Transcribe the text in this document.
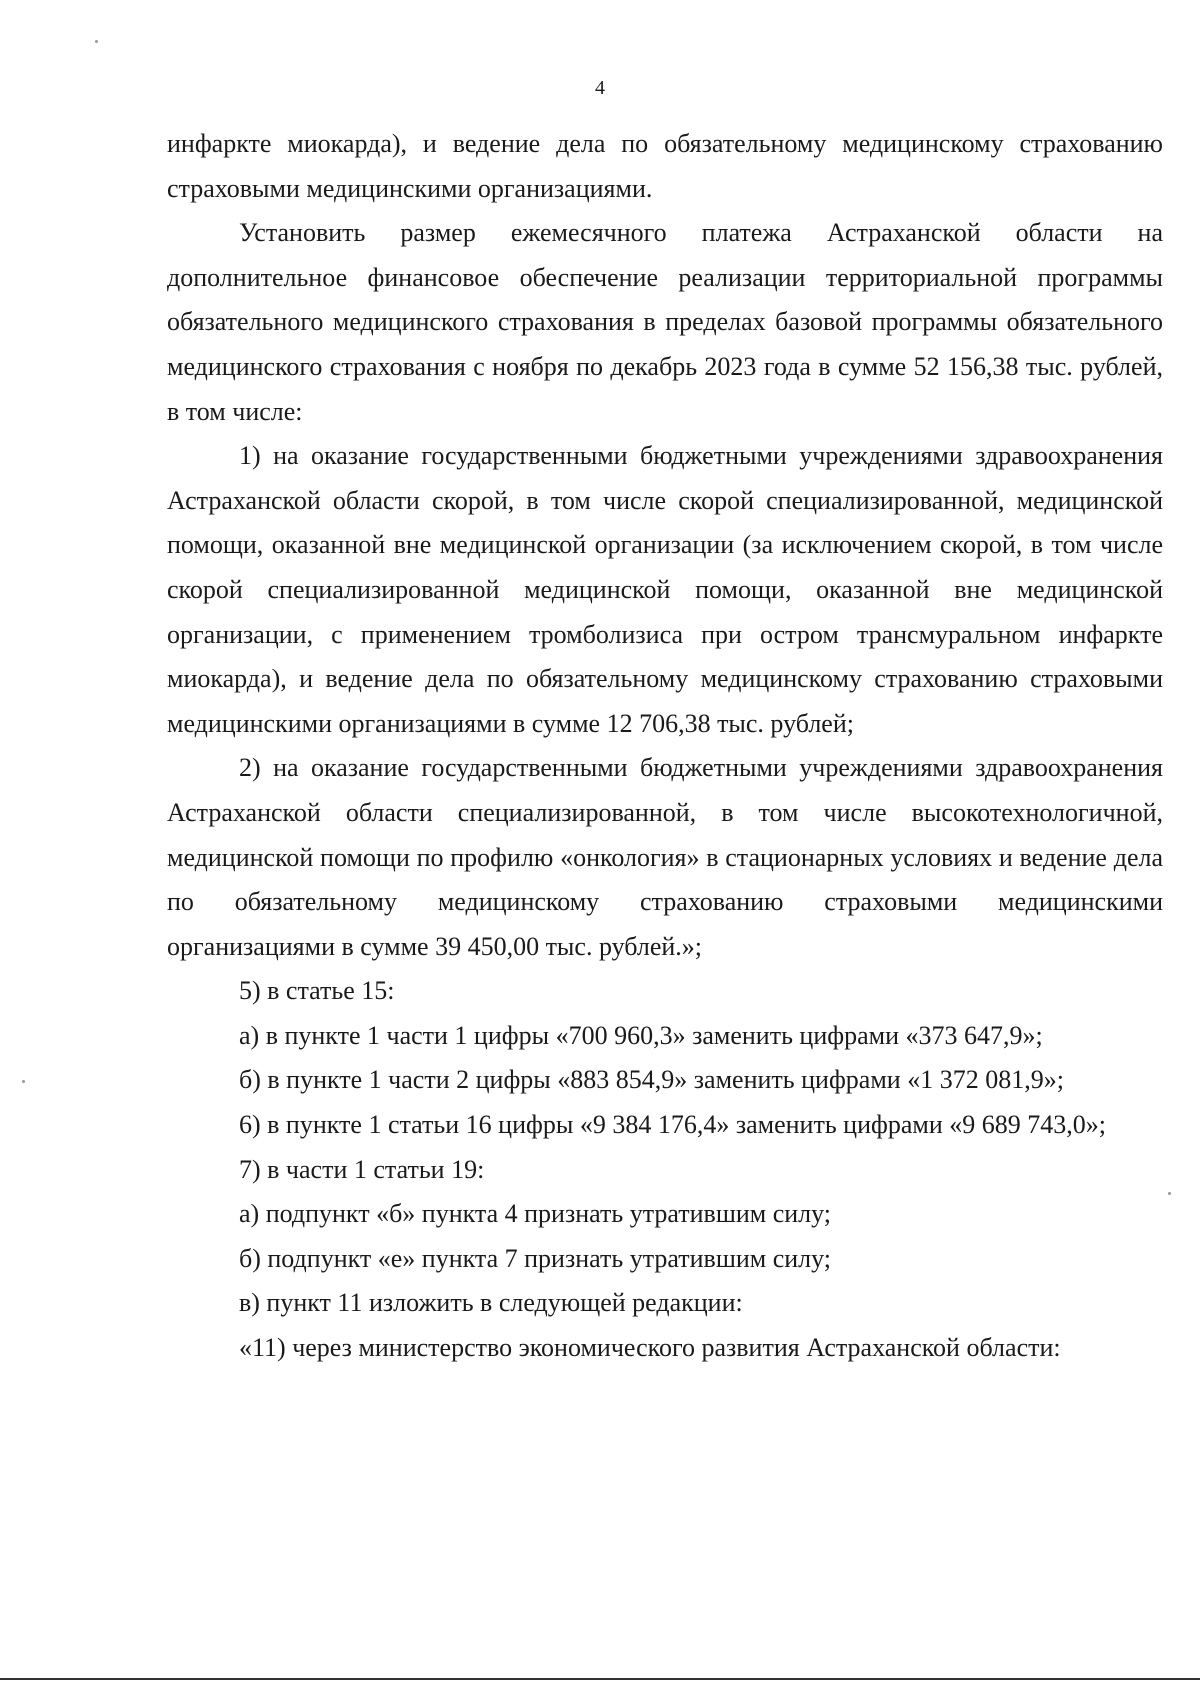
4

инфаркте миокарда), и ведение дела по обязательному медицинскому страхованию страховыми медицинскими организациями.

Установить размер ежемесячного платежа Астраханской области на дополнительное финансовое обеспечение реализации территориальной программы обязательного медицинского страхования в пределах базовой программы обязательного медицинского страхования с ноября по декабрь 2023 года в сумме 52 156,38 тыс. рублей, в том числе:

1) на оказание государственными бюджетными учреждениями здравоохранения Астраханской области скорой, в том числе скорой специализированной, медицинской помощи, оказанной вне медицинской организации (за исключением скорой, в том числе скорой специализированной медицинской помощи, оказанной вне медицинской организации, с применением тромболизиса при остром трансмуральном инфаркте миокарда), и ведение дела по обязательному медицинскому страхованию страховыми медицинскими организациями в сумме 12 706,38 тыс. рублей;

2) на оказание государственными бюджетными учреждениями здравоохранения Астраханской области специализированной, в том числе высокотехнологичной, медицинской помощи по профилю «онкология» в стационарных условиях и ведение дела по обязательному медицинскому страхованию страховыми медицинскими организациями в сумме 39 450,00 тыс. рублей.»;

5) в статье 15:

а) в пункте 1 части 1 цифры «700 960,3» заменить цифрами «373 647,9»;

б) в пункте 1 части 2 цифры «883 854,9» заменить цифрами «1 372 081,9»;

6) в пункте 1 статьи 16 цифры «9 384 176,4» заменить цифрами «9 689 743,0»;

7) в части 1 статьи 19:

а) подпункт «б» пункта 4 признать утратившим силу;

б) подпункт «е» пункта 7 признать утратившим силу;

в) пункт 11 изложить в следующей редакции:

«11) через министерство экономического развития Астраханской области:
